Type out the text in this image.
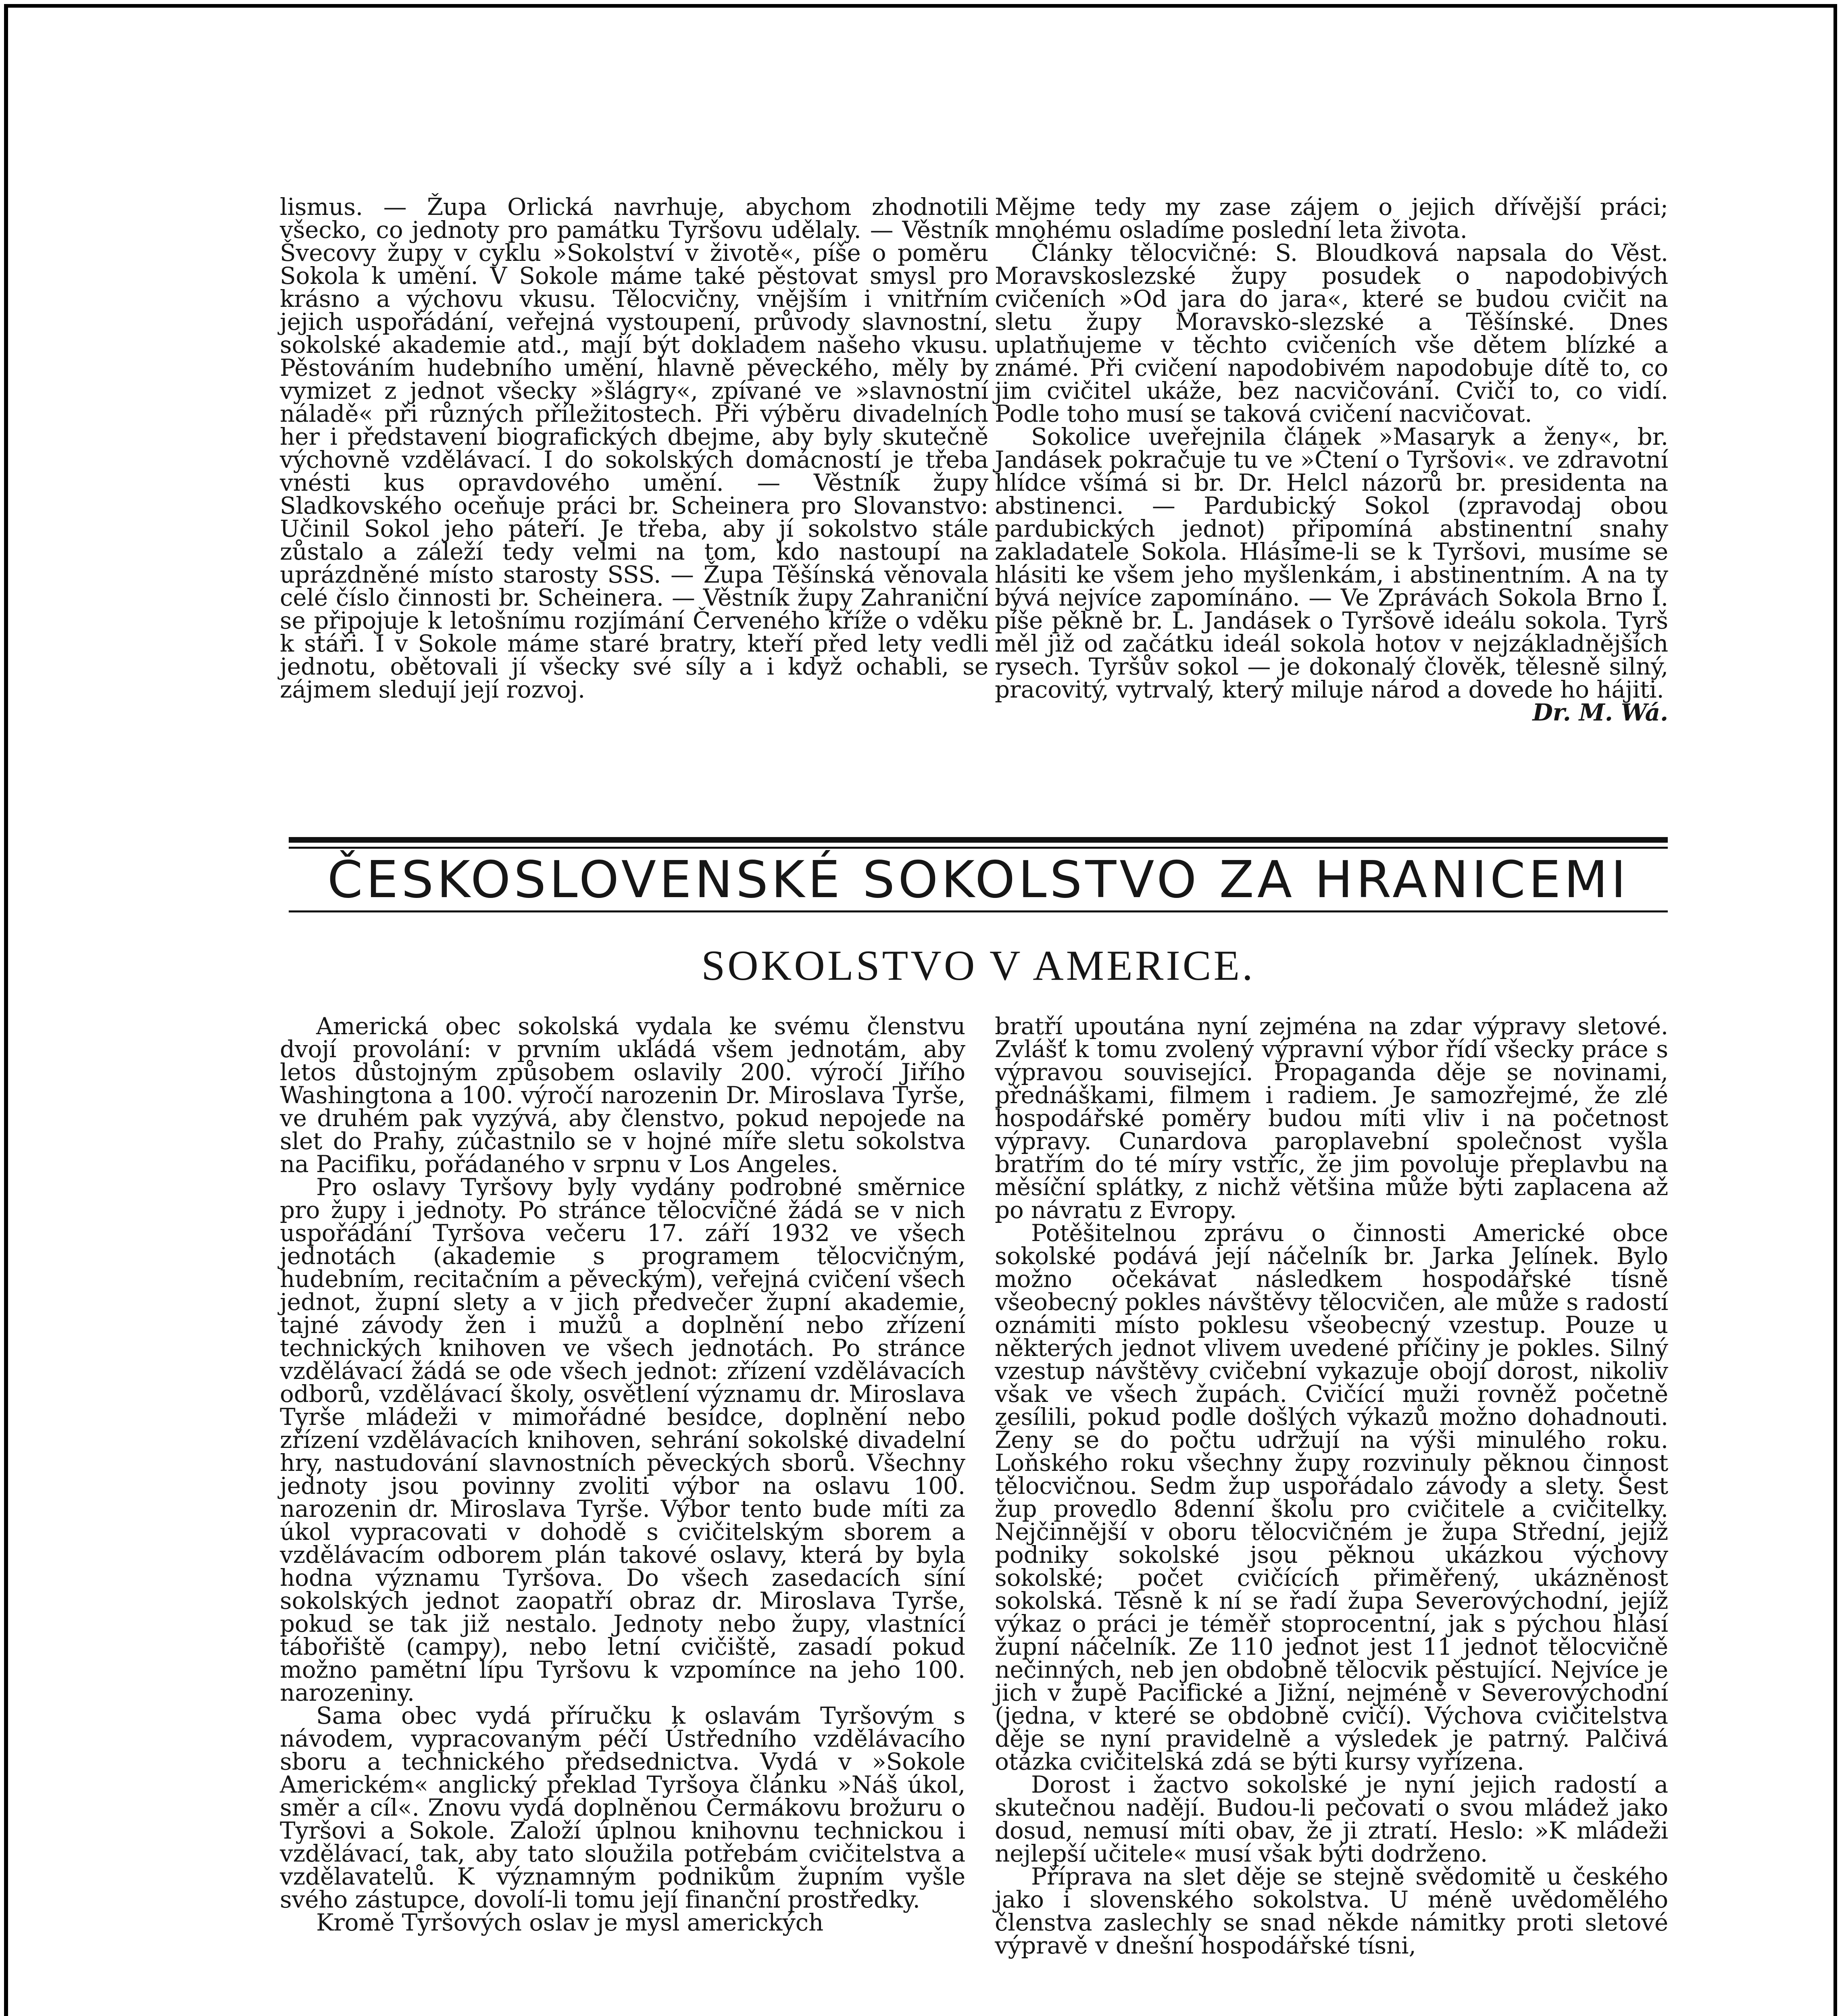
lismus. — Župa Orlická navrhuje, abychom zhodnotili všecko, co jednoty pro památku Tyršovu udělaly. — Věstník Švecovy župy v cyklu »Sokolství v životě«, píše o poměru Sokola k umění. V Sokole máme také pěstovat smysl pro krásno a výchovu vkusu. Tělocvičny, vnějším i vnitřním jejich uspořádání, veřejná vystoupení, průvody slavnostní, sokolské akademie atd., mají být dokladem našeho vkusu. Pěstováním hudebního umění, hlavně pěveckého, měly by vymizet z jednot všecky »šlágry«, zpívané ve »slavnostní náladě« při různých příležitostech. Při výběru divadelních her i představení biografických dbejme, aby byly skutečně výchovně vzdělávací. I do sokolských domácností je třeba vnésti kus opravdového umění. — Věstník župy Sladkovského oceňuje práci br. Scheinera pro Slovanstvo: Učinil Sokol jeho páteří. Je třeba, aby jí sokolstvo stále zůstalo a záleží tedy velmi na tom, kdo nastoupí na uprázdněné místo starosty SSS. — Župa Těšínská věnovala celé číslo činnosti br. Scheinera. — Věstník župy Zahraniční se připojuje k letošnímu rozjímání Červeného kříže o vděku k stáři. I v Sokole máme staré bratry, kteří před lety vedli jednotu, obětovali jí všecky své síly a i když ochabli, se zájmem sledují její rozvoj.

Mějme tedy my zase zájem o jejich dřívější práci; mnohému osladíme poslední leta života.

Články tělocvičné: S. Bloudková napsala do Věst. Moravskoslezské župy posudek o napodobivých cvičeních »Od jara do jara«, které se budou cvičit na sletu župy Moravsko-slezské a Těšínské. Dnes uplatňujeme v těchto cvičeních vše dětem blízké a známé. Při cvičení napodobivém napodobuje dítě to, co jim cvičitel ukáže, bez nacvičování. Cvičí to, co vidí. Podle toho musí se taková cvičení nacvičovat.

Sokolice uveřejnila článek »Masaryk a ženy«, br. Jandásek pokračuje tu ve »Čtení o Tyršovi«. ve zdravotní hlídce všímá si br. Dr. Helcl názorů br. presidenta na abstinenci. — Pardubický Sokol (zpravodaj obou pardubických jednot) připomíná abstinentní snahy zakladatele Sokola. Hlásíme-li se k Tyršovi, musíme se hlásiti ke všem jeho myšlenkám, i abstinentním. A na ty bývá nejvíce zapomínáno. — Ve Zprávách Sokola Brno I. píše pěkně br. L. Jandásek o Tyršově ideálu sokola. Tyrš měl již od začátku ideál sokola hotov v nejzákladnějších rysech. Tyršův sokol — je dokonalý člověk, tělesně silný, pracovitý, vytrvalý, který miluje národ a dovede ho hájiti.
Dr. M. Wá.

ČESKOSLOVENSKÉ SOKOLSTVO ZA HRANICEMI
SOKOLSTVO V AMERICE.

Americká obec sokolská vydala ke svému členstvu dvojí provolání: v prvním ukládá všem jednotám, aby letos důstojným způsobem oslavily 200. výročí Jiřího Washingtona a 100. výročí narozenin Dr. Miroslava Tyrše, ve druhém pak vyzývá, aby členstvo, pokud nepojede na slet do Prahy, zúčastnilo se v hojné míře sletu sokolstva na Pacifiku, pořádaného v srpnu v Los Angeles.

Pro oslavy Tyršovy byly vydány podrobné směrnice pro župy i jednoty. Po stránce tělocvičné žádá se v nich uspořádání Tyršova večeru 17. září 1932 ve všech jednotách (akademie s programem tělocvičným, hudebním, recitačním a pěveckým), veřejná cvičení všech jednot, župní slety a v jich předvečer župní akademie, tajné závody žen i mužů a doplnění nebo zřízení technických knihoven ve všech jednotách. Po stránce vzdělávací žádá se ode všech jednot: zřízení vzdělávacích odborů, vzdělávací školy, osvětlení významu dr. Miroslava Tyrše mládeži v mimořádné besídce, doplnění nebo zřízení vzdělávacích knihoven, sehrání sokolské divadelní hry, nastudování slavnostních pěveckých sborů. Všechny jednoty jsou povinny zvoliti výbor na oslavu 100. narozenin dr. Miroslava Tyrše. Výbor tento bude míti za úkol vypracovati v dohodě s cvičitelským sborem a vzdělávacím odborem plán takové oslavy, která by byla hodna významu Tyršova. Do všech zasedacích síní sokolských jednot zaopatří obraz dr. Miroslava Tyrše, pokud se tak již nestalo. Jednoty nebo župy, vlastnící tábořiště (campy), nebo letní cvičiště, zasadí pokud možno pamětní lípu Tyršovu k vzpomínce na jeho 100. narozeniny.

Sama obec vydá příručku k oslavám Tyršovým s návodem, vypracovaným péčí Ústředního vzdělávacího sboru a technického předsednictva. Vydá v »Sokole Americkém« anglický překlad Tyršova článku »Náš úkol, směr a cíl«. Znovu vydá doplněnou Čermákovu brožuru o Tyršovi a Sokole. Založí úplnou knihovnu technickou i vzdělávací, tak, aby tato sloužila potřebám cvičitelstva a vzdělavatelů. K významným podnikům župním vyšle svého zástupce, dovolí-li tomu její finanční prostředky.

Kromě Tyršových oslav je mysl amerických

bratří upoutána nyní zejména na zdar výpravy sletové. Zvlášť k tomu zvolený výpravní výbor řídí všecky práce s výpravou související. Propaganda děje se novinami, přednáškami, filmem i radiem. Je samozřejmé, že zlé hospodářské poměry budou míti vliv i na početnost výpravy. Cunardova paroplavební společnost vyšla bratřím do té míry vstříc, že jim povoluje přeplavbu na měsíční splátky, z nichž většina může býti zaplacena až po návratu z Evropy.

Potěšitelnou zprávu o činnosti Americké obce sokolské podává její náčelník br. Jarka Jelínek. Bylo možno očekávat následkem hospodářské tísně všeobecný pokles návštěvy tělocvičen, ale může s radostí oznámiti místo poklesu všeobecný vzestup. Pouze u některých jednot vlivem uvedené příčiny je pokles. Silný vzestup návštěvy cvičební vykazuje obojí dorost, nikoliv však ve všech župách. Cvičící muži rovněž početně zesílili, pokud podle došlých výkazů možno dohadnouti. Ženy se do počtu udržují na výši minulého roku. Loňského roku všechny župy rozvinuly pěknou činnost tělocvičnou. Sedm žup uspořádalo závody a slety. Šest žup provedlo 8denní školu pro cvičitele a cvičitelky. Nejčinnější v oboru tělocvičném je župa Střední, jejíž podniky sokolské jsou pěknou ukázkou výchovy sokolské; počet cvičících přiměřený, ukázněnost sokolská. Těsně k ní se řadí župa Severovýchodní, jejíž výkaz o práci je téměř stoprocentní, jak s pýchou hlásí župní náčelník. Ze 110 jednot jest 11 jednot tělocvičně nečinných, neb jen obdobně tělocvik pěstující. Nejvíce je jich v župě Pacifické a Jižní, nejméně v Severovýchodní (jedna, v které se obdobně cvičí). Výchova cvičitelstva děje se nyní pravidelně a výsledek je patrný. Palčivá otázka cvičitelská zdá se býti kursy vyřízena.

Dorost i žactvo sokolské je nyní jejich radostí a skutečnou nadějí. Budou-li pečovati o svou mládež jako dosud, nemusí míti obav, že ji ztratí. Heslo: »K mládeži nejlepší učitele« musí však býti dodrženo.

Příprava na slet děje se stejně svědomitě u českého jako i slovenského sokolstva. U méně uvědomělého členstva zaslechly se snad někde námitky proti sletové výpravě v dnešní hospodářské tísni,
